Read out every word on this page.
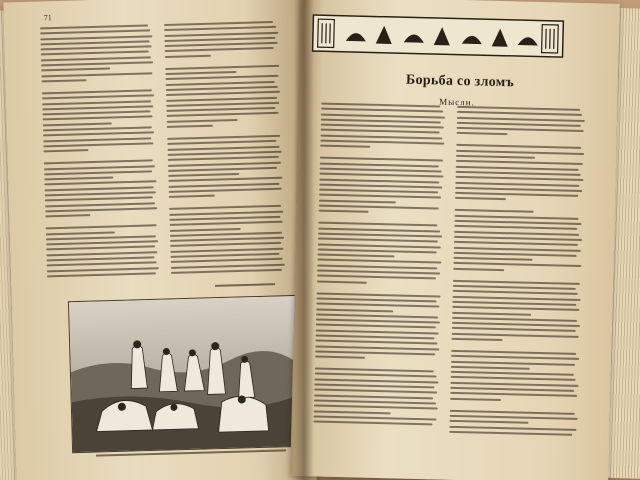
71
Борьба со зломъ
Мысли.
